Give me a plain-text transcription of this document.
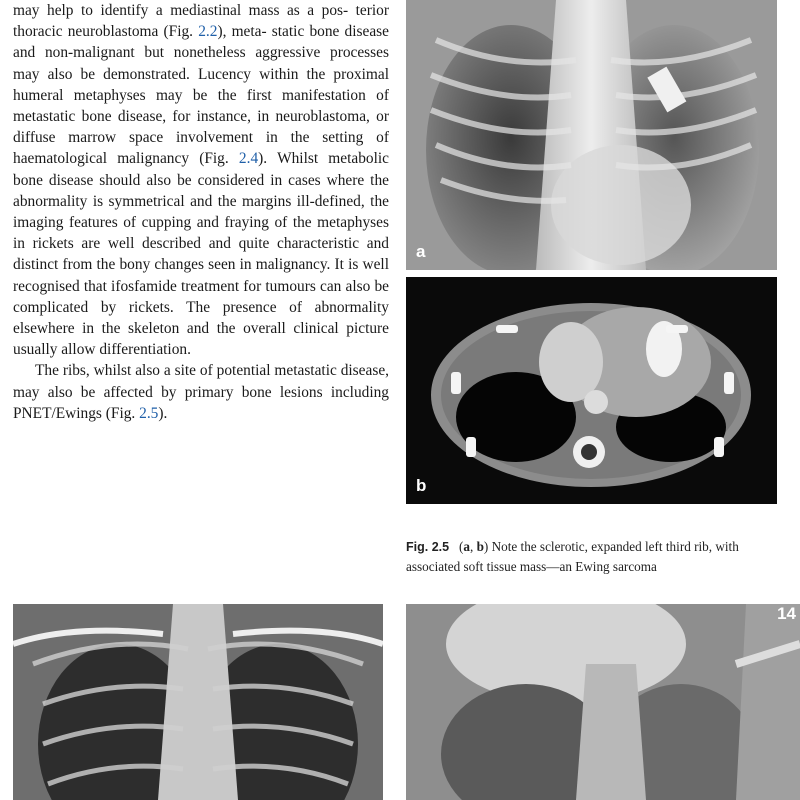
may help to identify a mediastinal mass as a pos- terior thoracic neuroblastoma (Fig. 2.2), meta- static bone disease and non-malignant but nonetheless aggressive processes may also be demonstrated. Lucency within the proximal humeral metaphyses may be the first manifestation of metastatic bone disease, for instance, in neuroblastoma, or diffuse marrow space involvement in the setting of haematological malignancy (Fig. 2.4). Whilst metabolic bone disease should also be considered in cases where the abnormality is symmetrical and the margins ill-defined, the imaging features of cupping and fraying of the metaphyses in rickets are well described and quite characteristic and distinct from the bony changes seen in malignancy. It is well recognised that ifosfamide treatment for tumours can also be complicated by rickets. The presence of abnormality elsewhere in the skeleton and the overall clinical picture usually allow differentiation.

The ribs, whilst also a site of potential metastatic disease, may also be affected by primary bone lesions including PNET/Ewings (Fig. 2.5).

a
b
Fig. 2.5 (a, b) Note the sclerotic, expanded left third rib, with associated soft tissue mass—an Ewing sarcoma
14
